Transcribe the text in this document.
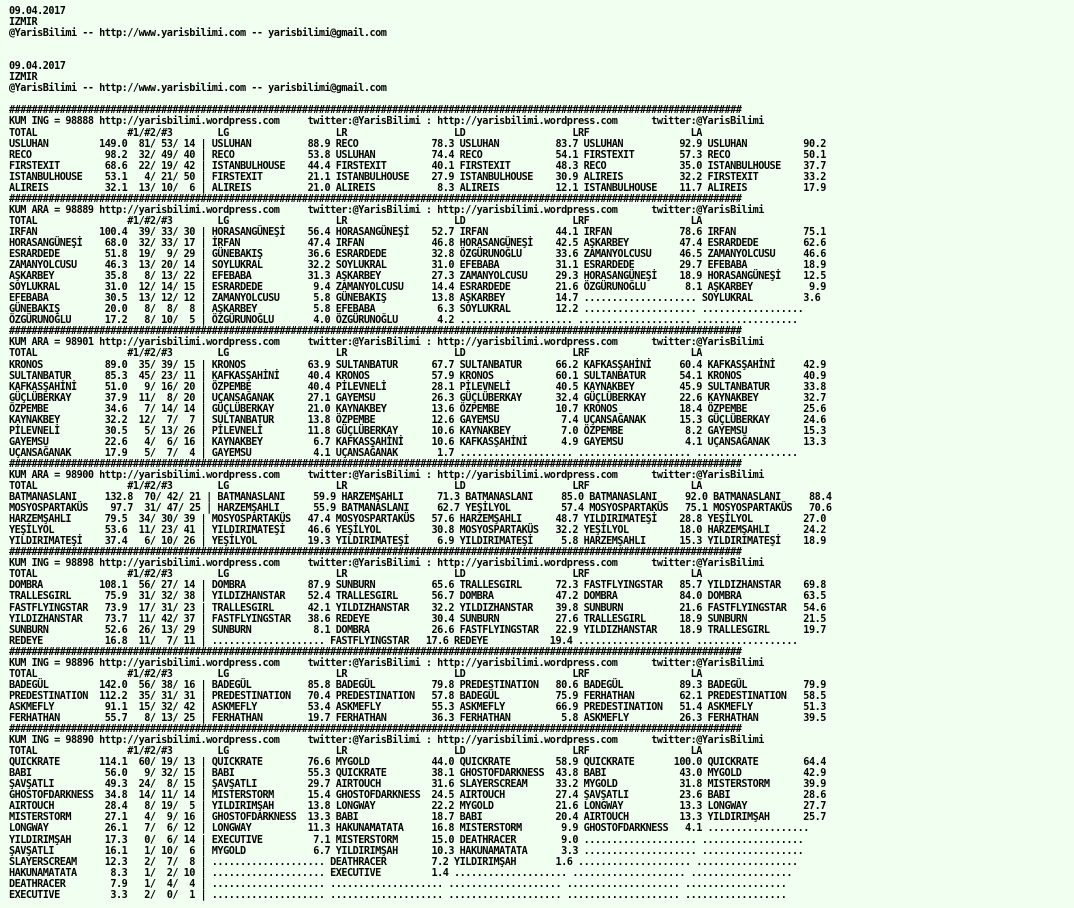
09.04.2017
IZMIR
@YarisBilimi -- http://www.yarisbilimi.com -- yarisbilimi@gmail.com

09.04.2017
IZMIR
@YarisBilimi -- http://www.yarisbilimi.com -- yarisbilimi@gmail.com

##################################################################################################################################
KUM ING = 98888 http://yarisbilimi.wordpress.com     twitter:@YarisBilimi : http://yarisbilimi.wordpress.com      twitter:@YarisBilimi
TOTAL                #1/#2/#3        LG                   LR                   LD                   LRF                  LA
USLUHAN         149.0  81/ 53/ 14 | USLUHAN          88.9 RECO             78.3 USLUHAN          83.7 USLUHAN          92.9 USLUHAN          90.2
RECO             98.2  32/ 49/ 40 | RECO             53.8 USLUHAN          74.4 RECO             54.1 FIRSTEXIT        57.3 RECO             50.1
FIRSTEXIT        68.6  22/ 19/ 42 | ISTANBULHOUSE    44.4 FIRSTEXIT        40.1 FIRSTEXIT        48.3 RECO             35.0 ISTANBULHOUSE    37.7
ISTANBULHOUSE    53.1   4/ 21/ 50 | FIRSTEXIT        21.1 ISTANBULHOUSE    27.9 ISTANBULHOUSE    30.9 ALIREIS          32.2 FIRSTEXIT        33.2
ALIREIS          32.1  13/ 10/  6 | ALIREIS          21.0 ALIREIS           8.3 ALIREIS          12.1 ISTANBULHOUSE    11.7 ALIREIS          17.9
##################################################################################################################################
KUM ARA = 98889 http://yarisbilimi.wordpress.com     twitter:@YarisBilimi : http://yarisbilimi.wordpress.com      twitter:@YarisBilimi
TOTAL                #1/#2/#3        LG                   LR                   LD                   LRF                  LA
IRFAN           100.4  39/ 33/ 30 | HORASANGÜNEŞİ    56.4 HORASANGÜNEŞİ    52.7 IRFAN            44.1 IRFAN            78.6 IRFAN            75.1
HORASANGÜNEŞİ    68.0  32/ 33/ 17 | İRFAN            47.4 IRFAN            46.8 HORASANGÜNEŞİ    42.5 AŞKARBEY         47.4 ESRARDEDE        62.6
ESRARDEDE        51.8  19/  9/ 29 | GÜNEBAKIŞ        36.6 ESRARDEDE        32.8 ÖZGÜRUNOĞLU      33.6 ZAMANYOLCUSU     46.5 ZAMANYOLCUSU     46.6
ZAMANYOLCUSU     46.3  13/ 20/ 14 | SOYLUKRAL        32.2 SOYLUKRAL        31.0 EFEBABA          31.1 ESRARDEDE        29.7 EFEBABA          18.9
AŞKARBEY         35.8   8/ 13/ 22 | EFEBABA          31.3 AŞKARBEY         27.3 ZAMANYOLCUSU     29.3 HORASANGÜNEŞİ    18.9 HORASANGÜNEŞİ    12.5
SOYLUKRAL        31.0  12/ 14/ 15 | ESRARDEDE         9.4 ZAMANYOLCUSU     14.4 ESRARDEDE        21.6 ÖZGÜRUNOĞLU       8.1 AŞKARBEY          9.9
EFEBABA          30.5  13/ 12/ 12 | ZAMANYOLCUSU      5.8 GÜNEBAKIŞ        13.8 AŞKARBEY         14.7 .................... SOYLUKRAL         3.6
GÜNEBAKIŞ        20.0   8/  8/  8 | AŞKARBEY          5.8 EFEBABA           6.3 SOYLUKRAL        12.2 .................... ..................
ÖZGÜRUNOĞLU      17.2   8/ 10/  5 | ÖZGÜRUNOĞLU       4.0 ÖZGÜRUNOĞLU       4.2 .................... .................... ..................
##################################################################################################################################
KUM ARA = 98901 http://yarisbilimi.wordpress.com     twitter:@YarisBilimi : http://yarisbilimi.wordpress.com      twitter:@YarisBilimi
TOTAL                #1/#2/#3        LG                   LR                   LD                   LRF                  LA
KRONOS           89.0  35/ 39/ 15 | KRONOS           63.9 SULTANBATUR      67.7 SULTANBATUR      66.2 KAFKASŞAHİNİ     60.4 KAFKASŞAHİNİ     42.9
SULTANBATUR      85.3  45/ 23/ 11 | KAFKASŞAHİNİ     40.4 KRONOS           57.9 KRONOS           60.1 SULTANBATUR      54.1 KRONOS           40.9
KAFKASŞAHİNİ     51.0   9/ 16/ 20 | ÖZPEMBE          40.4 PİLEVNELİ        28.1 PİLEVNELİ        40.5 KAYNAKBEY        45.9 SULTANBATUR      33.8
GÜÇLÜBERKAY      37.9  11/  8/ 20 | UÇANSAĞANAK      27.1 GAYEMSU          26.3 GÜÇLÜBERKAY      32.4 GÜÇLÜBERKAY      22.6 KAYNAKBEY        32.7
ÖZPEMBE          34.6   7/ 14/ 14 | GÜÇLÜBERKAY      21.0 KAYNAKBEY        13.6 ÖZPEMBE          10.7 KRONOS           18.4 ÖZPEMBE          25.6
KAYNAKBEY        32.2  12/  7/  7 | SULTANBATUR      13.8 ÖZPEMBE          12.6 GAYEMSU           7.4 UÇANSAĞANAK      15.3 GÜÇLÜBERKAY      24.6
PİLEVNELİ        30.5   5/ 13/ 26 | PİLEVNELİ        11.8 GÜÇLÜBERKAY      10.6 KAYNAKBEY         7.0 ÖZPEMBE           8.2 GAYEMSU          15.3
GAYEMSU          22.6   4/  6/ 16 | KAYNAKBEY         6.7 KAFKASŞAHİNİ     10.6 KAFKASŞAHİNİ      4.9 GAYEMSU           4.1 UÇANSAĞANAK      13.3
UÇANSAĞANAK      17.9   5/  7/  4 | GAYEMSU           4.1 UÇANSAĞANAK       1.7 .................... .................... ..................
##################################################################################################################################
KUM ARA = 98900 http://yarisbilimi.wordpress.com     twitter:@YarisBilimi : http://yarisbilimi.wordpress.com      twitter:@YarisBilimi
TOTAL                #1/#2/#3        LG                   LR                   LD                   LRF                  LA
BATMANASLANI     132.8  70/ 42/ 21 | BATMANASLANI     59.9 HARZEMŞAHLI      71.3 BATMANASLANI     85.0 BATMANASLANI     92.0 BATMANASLANI     88.4
MOSYOSPARTAKÜS    97.7  31/ 47/ 25 | HARZEMŞAHLI      55.9 BATMANASLANI     62.7 YEŞİLYOL         57.4 MOSYOSPARTAKÜS   75.1 MOSYOSPARTAKÜS   70.6
HARZEMŞAHLI      79.5  34/ 30/ 39 | MOSYOSPARTAKÜS   47.4 MOSYOSPARTAKÜS   57.6 HARZEMŞAHLI      48.7 YILDIRIMATEŞİ    28.8 YEŞİLYOL         27.0
YEŞİLYOL         53.6  11/ 23/ 41 | YILDIRIMATEŞİ    46.6 YEŞİLYOL         30.8 MOSYOSPARTAKÜS   32.2 YEŞİLYOL         18.0 HARZEMŞAHLI      24.2
YILDIRIMATEŞİ    37.4   6/ 10/ 26 | YEŞİLYOL         19.3 YILDIRIMATEŞİ     6.9 YILDIRIMATEŞİ     5.8 HARZEMŞAHLI      15.3 YILDIRIMATEŞİ    18.9
##################################################################################################################################
KUM ING = 98898 http://yarisbilimi.wordpress.com     twitter:@YarisBilimi : http://yarisbilimi.wordpress.com      twitter:@YarisBilimi
TOTAL                #1/#2/#3        LG                   LR                   LD                   LRF                  LA
DOMBRA          108.1  56/ 27/ 14 | DOMBRA           87.9 SUNBURN          65.6 TRALLESGIRL      72.3 FASTFLYINGSTAR   85.7 YILDIZHANSTAR    69.8
TRALLESGIRL      75.9  31/ 32/ 38 | YILDIZHANSTAR    52.4 TRALLESGIRL      56.7 DOMBRA           47.2 DOMBRA           84.0 DOMBRA           63.5
FASTFLYINGSTAR   73.9  17/ 31/ 23 | TRALLESGIRL      42.1 YILDIZHANSTAR    32.2 YILDIZHANSTAR    39.8 SUNBURN          21.6 FASTFLYINGSTAR   54.6
YILDIZHANSTAR    73.7  11/ 42/ 37 | FASTFLYINGSTAR   38.6 REDEYE           30.4 SUNBURN          27.6 TRALLESGIRL      18.9 SUNBURN          21.5
SUNBURN          52.6  26/ 13/ 29 | SUNBURN           8.1 DOMBRA           26.6 FASTFLYINGSTAR   22.9 YILDIZHANSTAR    18.9 TRALLESGIRL      19.7
REDEYE           16.8  11/  7/ 11 | .................... FASTFLYINGSTAR   17.6 REDEYE           19.4 .................... ..................
##################################################################################################################################
KUM ING = 98896 http://yarisbilimi.wordpress.com     twitter:@YarisBilimi : http://yarisbilimi.wordpress.com      twitter:@YarisBilimi
TOTAL                #1/#2/#3        LG                   LR                   LD                   LRF                  LA
BADEGÜL         142.0  56/ 38/ 16 | BADEGÜL          85.8 BADEGÜL          79.8 PREDESTINATION   80.6 BADEGÜL          89.3 BADEGÜL          79.9
PREDESTINATION  112.2  35/ 31/ 31 | PREDESTINATION   70.4 PREDESTINATION   57.8 BADEGÜL          75.9 FERHATHAN        62.1 PREDESTINATION   58.5
ASKMEFLY         91.1  15/ 32/ 42 | ASKMEFLY         53.4 ASKMEFLY         55.3 ASKMEFLY         66.9 PREDESTINATION   51.4 ASKMEFLY         51.3
FERHATHAN        55.7   8/ 13/ 25 | FERHATHAN        19.7 FERHATHAN        36.3 FERHATHAN         5.8 ASKMEFLY         26.3 FERHATHAN        39.5
##################################################################################################################################
KUM ING = 98890 http://yarisbilimi.wordpress.com     twitter:@YarisBilimi : http://yarisbilimi.wordpress.com      twitter:@YarisBilimi
TOTAL                #1/#2/#3        LG                   LR                   LD                   LRF                  LA
QUICKRATE       114.1  60/ 19/ 13 | QUICKRATE        76.6 MYGOLD           44.0 QUICKRATE        58.9 QUICKRATE       100.0 QUICKRATE        64.4
BABI             56.0   9/ 32/ 15 | BABI             55.3 QUICKRATE        38.1 GHOSTOFDARKNESS  43.8 BABI             43.0 MYGOLD           42.9
ŞAVŞATLI         49.3  24/  8/ 15 | ŞAVŞATLI         29.7 AIRTOUCH         31.6 SLAYERSCREAM     33.2 MYGOLD           31.8 MISTERSTORM      39.9
GHOSTOFDARKNESS  34.8  14/ 11/ 14 | MISTERSTORM      15.4 GHOSTOFDARKNESS  24.5 AIRTOUCH         27.4 ŞAVŞATLI         23.6 BABI             28.6
AIRTOUCH         28.4   8/ 19/  5 | YILDIRIMŞAH      13.8 LONGWAY          22.2 MYGOLD           21.6 LONGWAY          13.3 LONGWAY          27.7
MISTERSTORM      27.1   4/  9/ 16 | GHOSTOFDARKNESS  13.3 BABI             18.7 BABI             20.4 AIRTOUCH         13.3 YILDIRIMŞAH      25.7
LONGWAY          26.1   7/  6/ 12 | LONGWAY          11.3 HAKUNAMATATA     16.8 MISTERSTORM       9.9 GHOSTOFDARKNESS   4.1 ..................
YILDIRIMŞAH      17.3   0/  6/ 14 | EXECUTIVE         7.1 MISTERSTORM      15.0 DEATHRACER        9.0 .................... ..................
ŞAVŞATLI         16.1   1/ 10/  6 | MYGOLD            6.7 YILDIRIMŞAH      10.3 HAKUNAMATATA      3.3 .................... ..................
SLAYERSCREAM     12.3   2/  7/  8 | .................... DEATHRACER        7.2 YILDIRIMŞAH       1.6 .................... ..................
HAKUNAMATATA      8.3   1/  2/ 10 | .................... EXECUTIVE         1.4 .................... .................... ..................
DEATHRACER        7.9   1/  4/  4 | .................... .................... .................... .................... ..................
EXECUTIVE         3.3   2/  0/  1 | .................... .................... .................... .................... ..................
